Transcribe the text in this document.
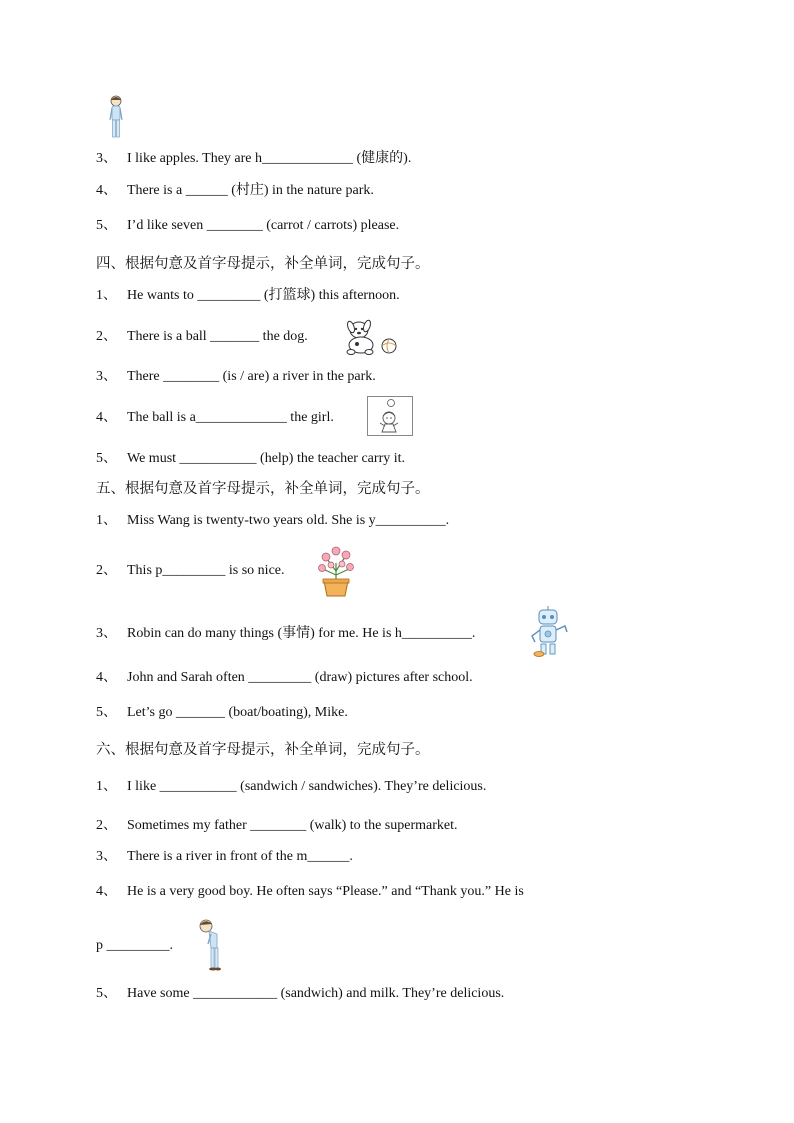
3、 I like apples. They are h_____________ (健康的).
4、 There is a ______ (村庄) in the nature park.
5、 I’d like seven ________ (carrot / carrots) please.
四、根据句意及首字母提示，补全单词，完成句子。
1、 He wants to _________ (打篮球) this afternoon.
2、 There is a ball _______ the dog.
3、 There ________ (is / are) a river in the park.
4、 The ball is a_____________ the girl.
5、 We must ___________ (help) the teacher carry it.
五、根据句意及首字母提示，补全单词，完成句子。
1、 Miss Wang is twenty-two years old. She is y__________.
2、 This p_________ is so nice.
3、 Robin can do many things (事情) for me. He is h__________.
4、 John and Sarah often _________ (draw) pictures after school.
5、 Let’s go _______ (boat/boating), Mike.
六、根据句意及首字母提示，补全单词，完成句子。
1、 I like ___________ (sandwich / sandwiches). They’re delicious.
2、 Sometimes my father ________ (walk) to the supermarket.
3、 There is a river in front of the m______.
4、 He is a very good boy. He often says “Please.” and “Thank you.” He is
p _________.
5、 Have some ____________ (sandwich) and milk. They’re delicious.
